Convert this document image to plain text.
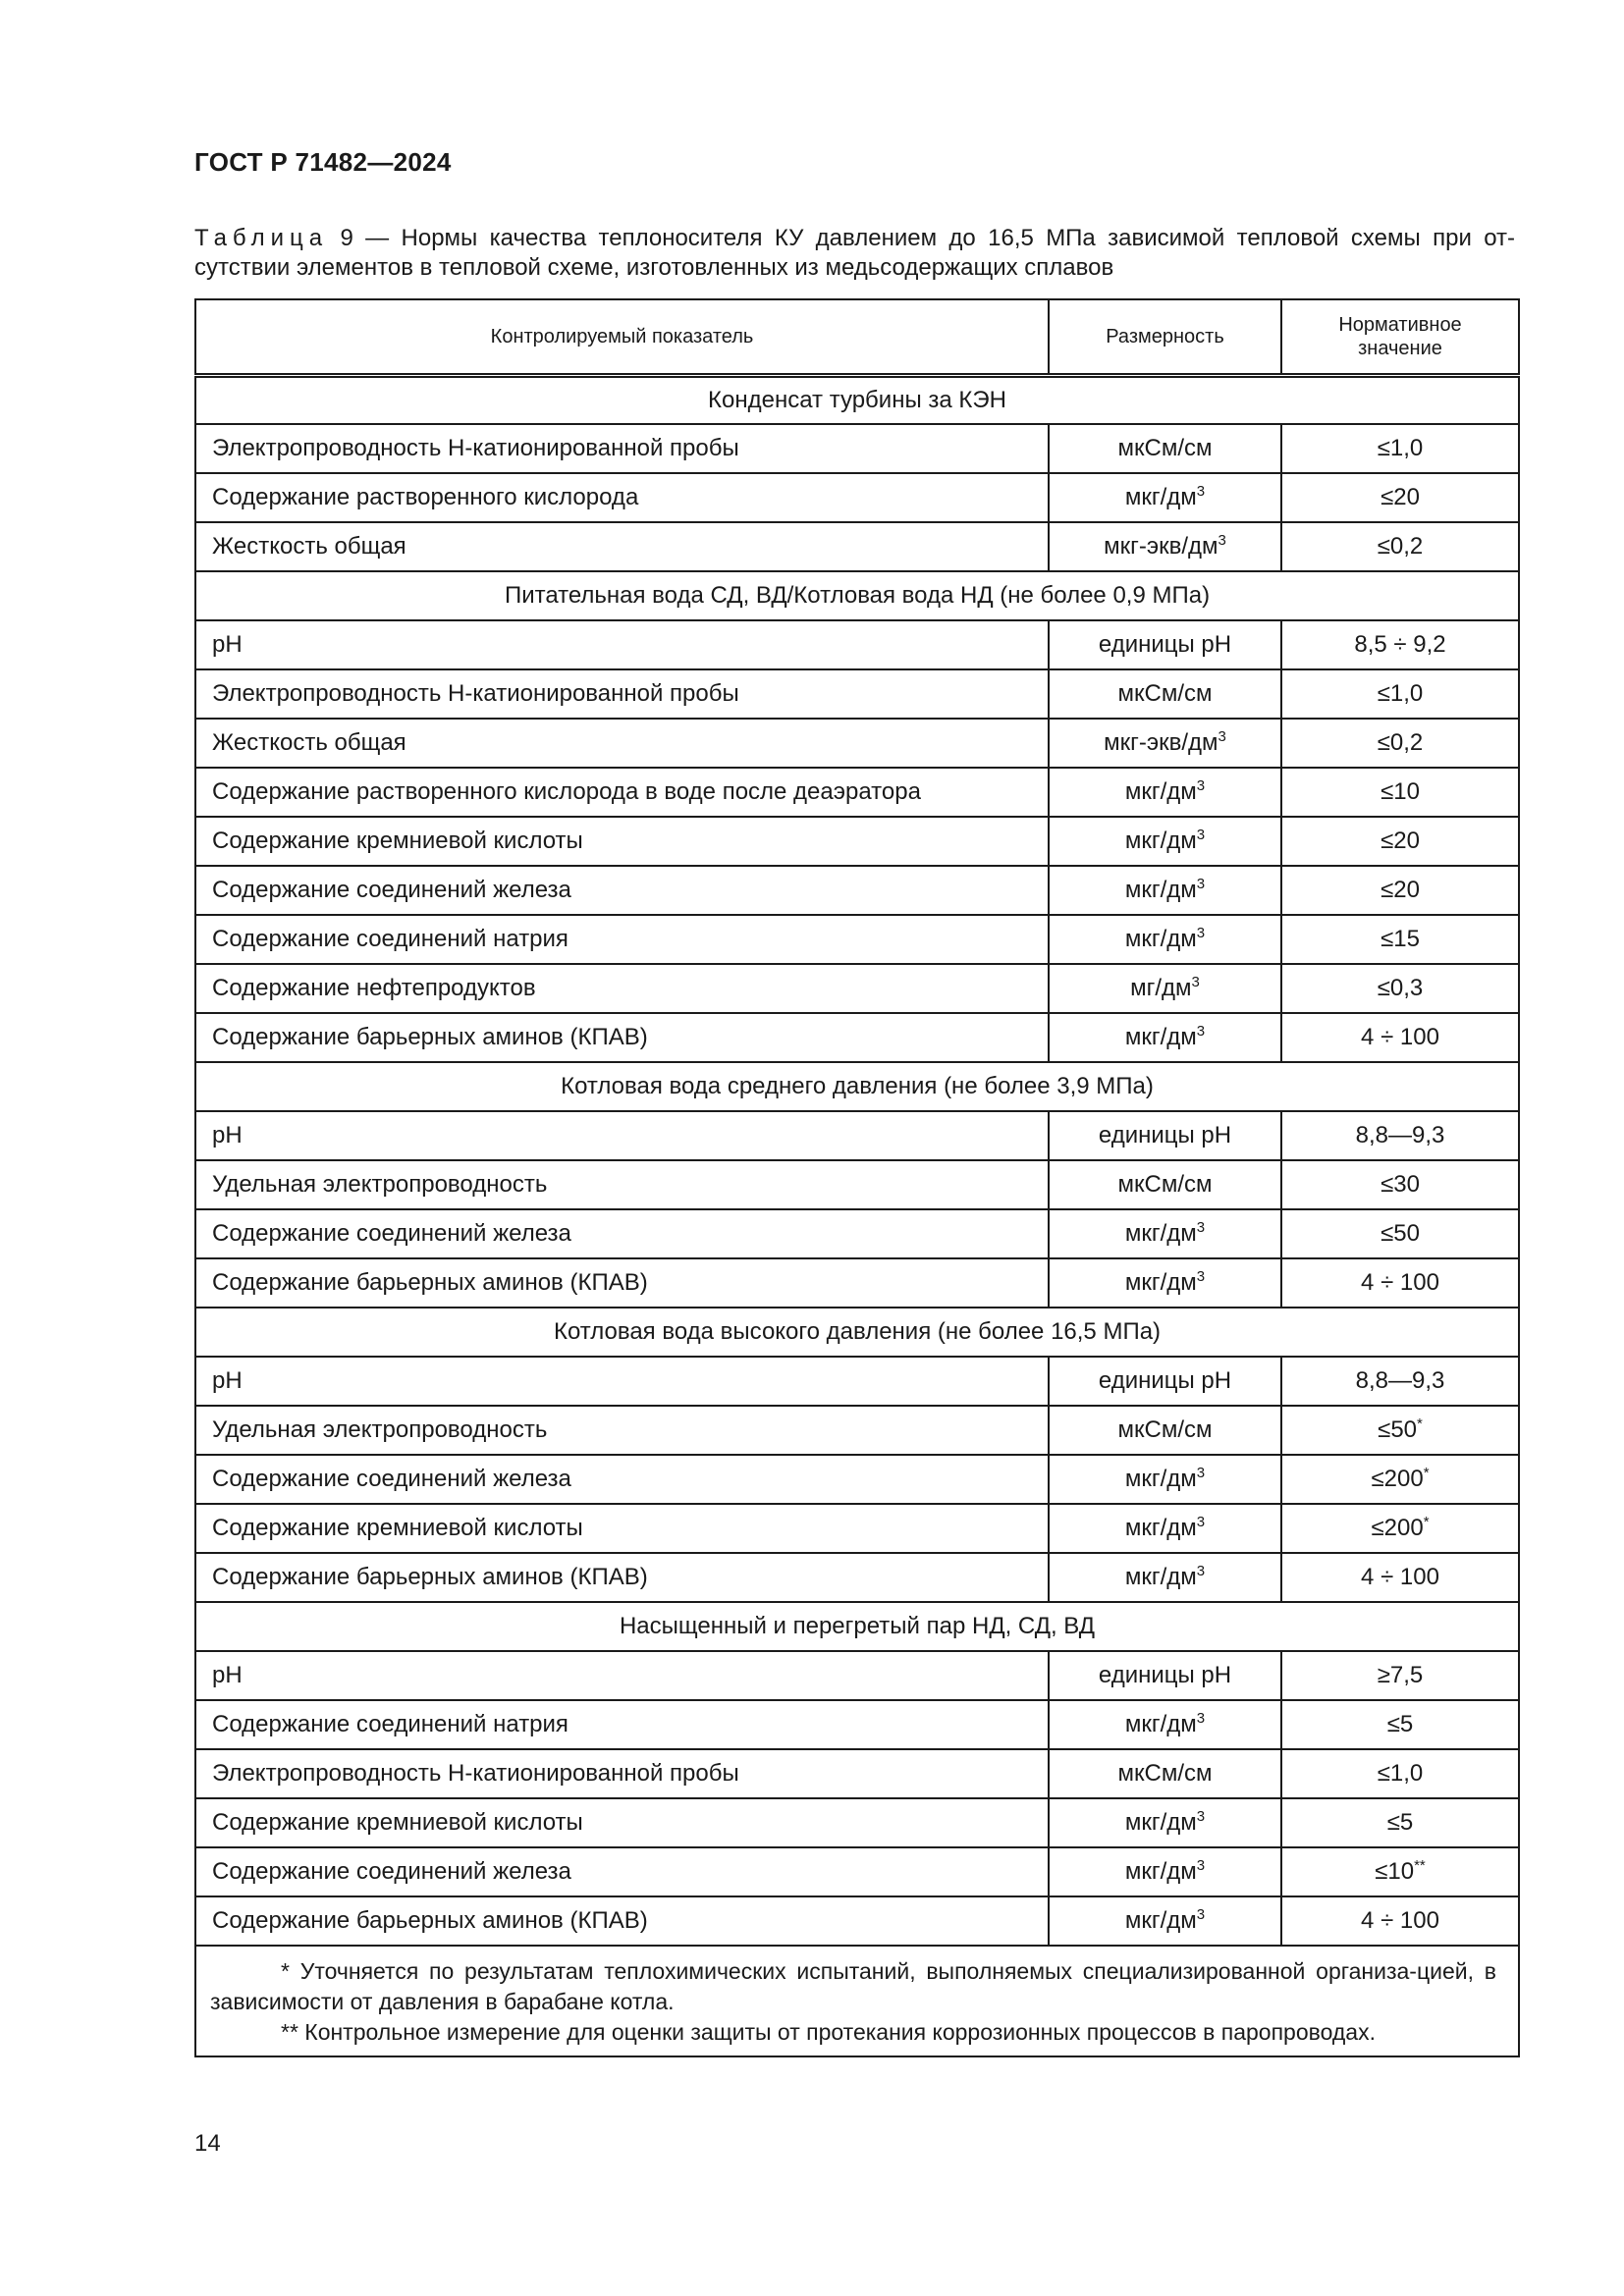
ГОСТ Р 71482—2024
Таблица 9 — Нормы качества теплоносителя КУ давлением до 16,5 МПа зависимой тепловой схемы при от-сутствии элементов в тепловой схеме, изготовленных из медьсодержащих сплавов
Контролируемый показатель	Размерность	Нормативное значение
Конденсат турбины за КЭН		
Электропроводность Н-катионированной пробы	мкСм/см	≤1,0
Содержание растворенного кислорода	мкг/$дм^3$	≤20
Жесткость общая	мкг-$экв/дм^3$	≤0,2
Питательная вода СД, ВД/Котловая вода НД (не более 0,9 МПа)		
pH	единицы pH	8,5 ÷ 9,2
Электропроводность Н-катионированной пробы	мкСм/см	≤1,0
Жесткость общая	мкг-$экв/дм^3$	≤0,2
Содержание растворенного кислорода в воде после деаэратора	мкг/$дм^3$	≤10
Содержание кремниевой кислоты	мкг/$дм^3$	≤20
Содержание соединений железа	мкг/$дм^3$	≤20
Содержание соединений натрия	мкг/$дм^3$	≤15
Содержание нефтепродуктов	$мг/дм^3$	≤0,3
Содержание барьерных аминов (КПАВ)	мкг/$дм^3$	4 ÷ 100
Котловая вода среднего давления (не более 3,9 МПа)		
pH	единицы pH	8,8—9,3
Удельная электропроводность	мкСм/см	≤30
Содержание соединений железа	мкг/$дм^3$	≤50
Содержание барьерных аминов (КПАВ)	мкг/$дм^3$	4 ÷ 100
Котловая вода высокого давления (не более 16,5 МПа)		
pH	единицы pH	8,8—9,3
Удельная электропроводность	мкСм/см	≤50*
Содержание соединений железа	мкг/$дм^3$	≤200*
Содержание кремниевой кислоты	мкг/$дм^3$	≤200*
Содержание барьерных аминов (КПАВ)	мкг/$дм^3$	4 ÷ 100
Насыщенный и перегретый пар НД, СД, ВД		
pH	единицы pH	≥7,5
Содержание соединений натрия	мкг/$дм^3$	≤5
Электропроводность Н-катионированной пробы	мкСм/см	≤1,0
Содержание кремниевой кислоты	мкг/$дм^3$	≤5
Содержание соединений железа	мкг/$дм^3$	≤10**
Содержание барьерных аминов (КПАВ)	мкг/$дм^3$	4 ÷ 100

* Уточняется по результатам теплохимических испытаний, выполняемых специализированной организа-цией, в зависимости от давления в барабане котла.
** Контрольное измерение для оценки защиты от протекания коррозионных процессов в паропроводах.		
14
